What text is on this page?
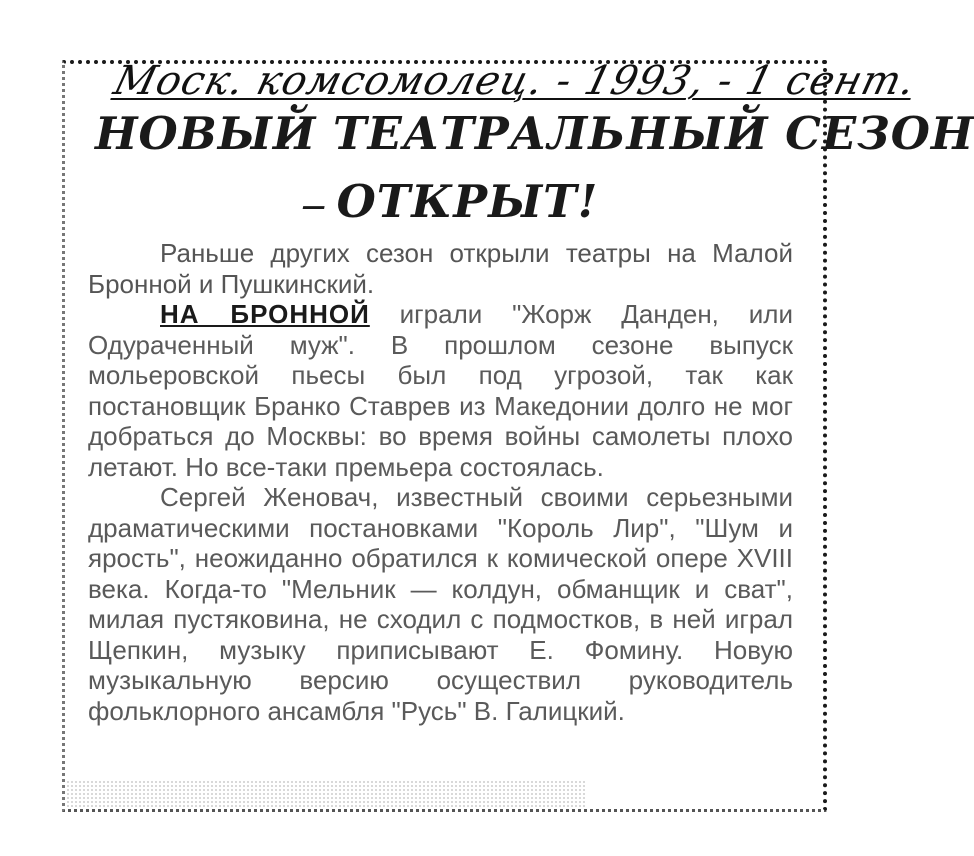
Моск. комсомолец. - 1993, - 1 сент.
НОВЫЙ ТЕАТРАЛЬНЫЙ СЕЗОН
— ОТКРЫТ!

Раньше других сезон открыли театры на Малой Бронной и Пушкинский.

НА БРОННОЙ играли "Жорж Данден, или Одураченный муж". В прошлом сезоне выпуск мольеровской пьесы был под угрозой, так как постановщик Бранко Ставрев из Македонии долго не мог добраться до Москвы: во время войны самолеты плохо летают. Но все-таки премьера состоялась.

Сергей Женовач, известный своими серьезными драматическими постановками "Король Лир", "Шум и ярость", неожиданно обратился к комической опере XVIII века. Когда-то "Мельник — колдун, обманщик и сват", милая пустяковина, не сходил с подмостков, в ней играл Щепкин, музыку приписывают Е. Фомину. Новую музыкальную версию осуществил руководитель фольклорного ансамбля "Русь" В. Галицкий.
